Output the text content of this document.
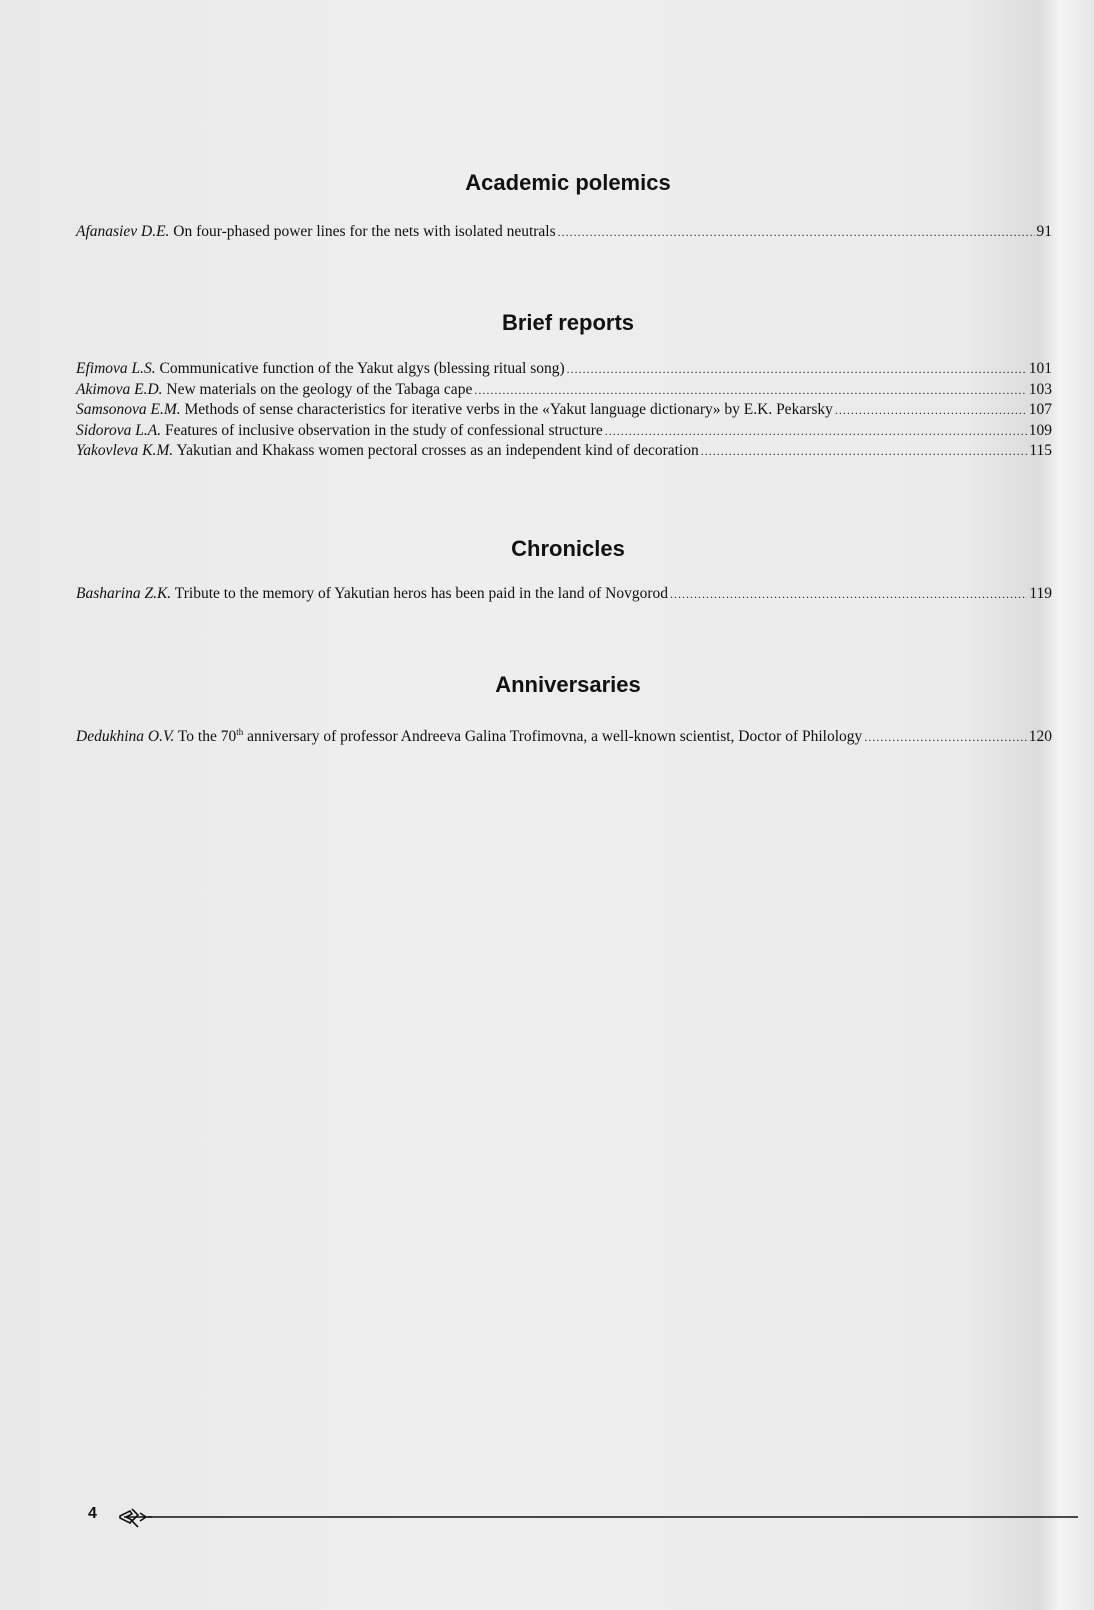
Academic polemics
Afanasiev D.E. On four-phased power lines for the nets with isolated neutrals .....	91
Brief reports
Efimova L.S. Communicative function of the Yakut algys (blessing ritual song) .....	101
Akimova E.D. New materials on the geology of the Tabaga cape .....	103
Samsonova E.M. Methods of sense characteristics for iterative verbs in the «Yakut language dictionary» by E.K. Pekarsky .....	107
Sidorova L.A. Features of inclusive observation in the study of confessional structure .....	109
Yakovleva K.M. Yakutian and Khakass women pectoral crosses as an independent kind of decoration .....	115
Chronicles
Basharina Z.K. Tribute to the memory of Yakutian heros has been paid in the land of Novgorod .....	119
Anniversaries
Dedukhina O.V. To the 70th anniversary of professor Andreeva Galina Trofimovna, a well-known scientist, Doctor of Philology .....	120
4
